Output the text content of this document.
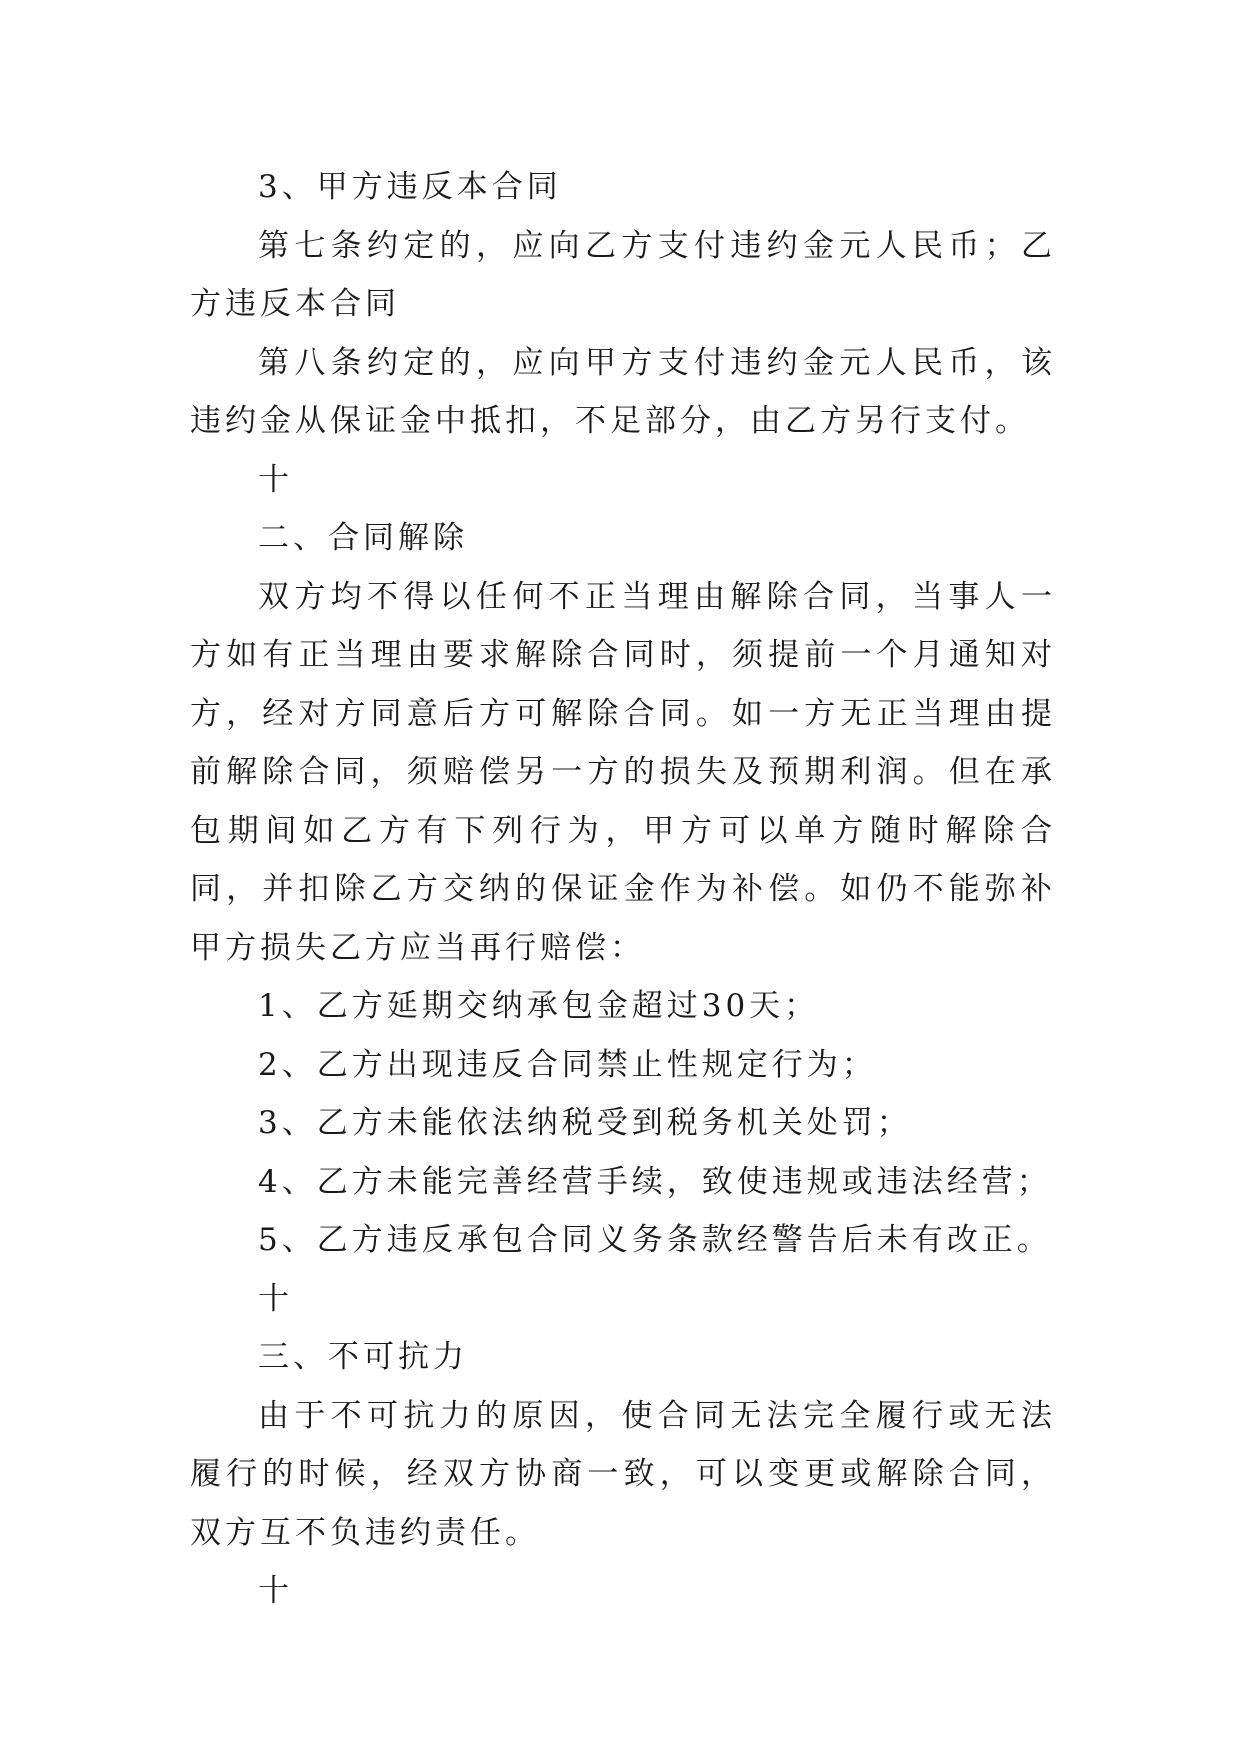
3、甲方违反本合同

第七条约定的，应向乙方支付违约金元人民币；乙方违反本合同

第八条约定的，应向甲方支付违约金元人民币，该违约金从保证金中抵扣，不足部分，由乙方另行支付。

十

二、合同解除

双方均不得以任何不正当理由解除合同，当事人一方如有正当理由要求解除合同时，须提前一个月通知对方，经对方同意后方可解除合同。如一方无正当理由提前解除合同，须赔偿另一方的损失及预期利润。但在承包期间如乙方有下列行为，甲方可以单方随时解除合同，并扣除乙方交纳的保证金作为补偿。如仍不能弥补甲方损失乙方应当再行赔偿：

1、乙方延期交纳承包金超过30天；

2、乙方出现违反合同禁止性规定行为；

3、乙方未能依法纳税受到税务机关处罚；

4、乙方未能完善经营手续，致使违规或违法经营；

5、乙方违反承包合同义务条款经警告后未有改正。

十

三、不可抗力

由于不可抗力的原因，使合同无法完全履行或无法履行的时候，经双方协商一致，可以变更或解除合同，双方互不负违约责任。

十
